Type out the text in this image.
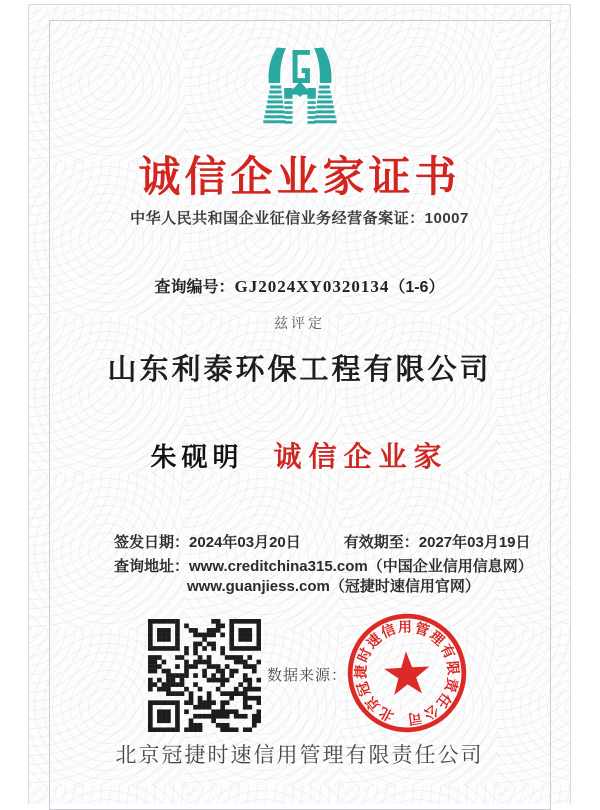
诚信企业家证书
中华人民共和国企业征信业务经营备案证：10007
查询编号：GJ2024XY0320134（1-6）
兹评定
山东利泰环保工程有限公司
朱砚明 诚信企业家
签发日期：2024年03月20日	有效期至：2027年03月19日
查询地址： www.creditchina315.com（中国企业信用信息网）
www.guanjiess.com（冠捷时速信用官网）
数据来源：
北京冠捷时速信用管理有限责任公司
北京冠捷时速信用管理有限责任公司
